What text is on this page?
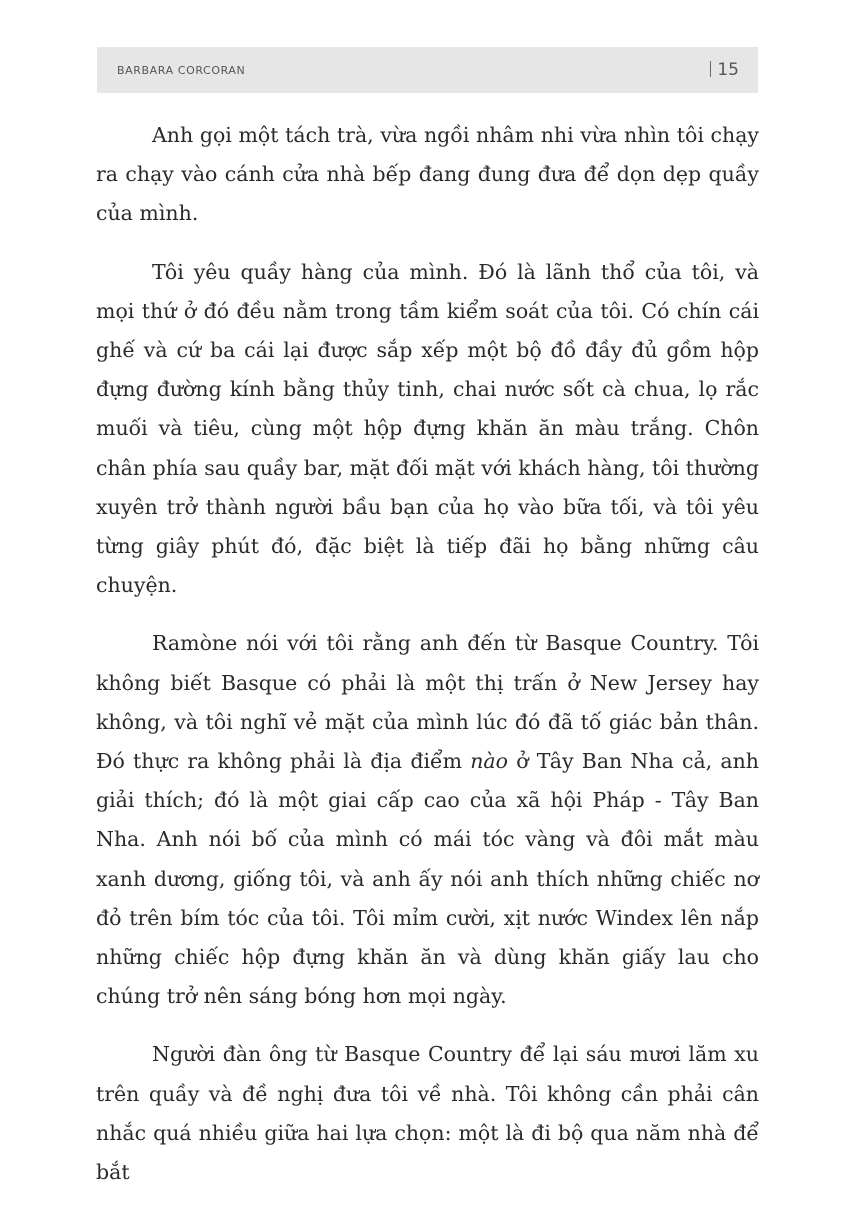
BARBARA CORCORAN	15

Anh gọi một tách trà, vừa ngồi nhâm nhi vừa nhìn tôi chạy ra chạy vào cánh cửa nhà bếp đang đung đưa để dọn dẹp quầy của mình.

Tôi yêu quầy hàng của mình. Đó là lãnh thổ của tôi, và mọi thứ ở đó đều nằm trong tầm kiểm soát của tôi. Có chín cái ghế và cứ ba cái lại được sắp xếp một bộ đồ đầy đủ gồm hộp đựng đường kính bằng thủy tinh, chai nước sốt cà chua, lọ rắc muối và tiêu, cùng một hộp đựng khăn ăn màu trắng. Chôn chân phía sau quầy bar, mặt đối mặt với khách hàng, tôi thường xuyên trở thành người bầu bạn của họ vào bữa tối, và tôi yêu từng giây phút đó, đặc biệt là tiếp đãi họ bằng những câu chuyện.

Ramòne nói với tôi rằng anh đến từ Basque Country. Tôi không biết Basque có phải là một thị trấn ở New Jersey hay không, và tôi nghĩ vẻ mặt của mình lúc đó đã tố giác bản thân. Đó thực ra không phải là địa điểm nào ở Tây Ban Nha cả, anh giải thích; đó là một giai cấp cao của xã hội Pháp - Tây Ban Nha. Anh nói bố của mình có mái tóc vàng và đôi mắt màu xanh dương, giống tôi, và anh ấy nói anh thích những chiếc nơ đỏ trên bím tóc của tôi. Tôi mỉm cười, xịt nước Windex lên nắp những chiếc hộp đựng khăn ăn và dùng khăn giấy lau cho chúng trở nên sáng bóng hơn mọi ngày.

Người đàn ông từ Basque Country để lại sáu mươi lăm xu trên quầy và đề nghị đưa tôi về nhà. Tôi không cần phải cân nhắc quá nhiều giữa hai lựa chọn: một là đi bộ qua năm nhà để bắt
